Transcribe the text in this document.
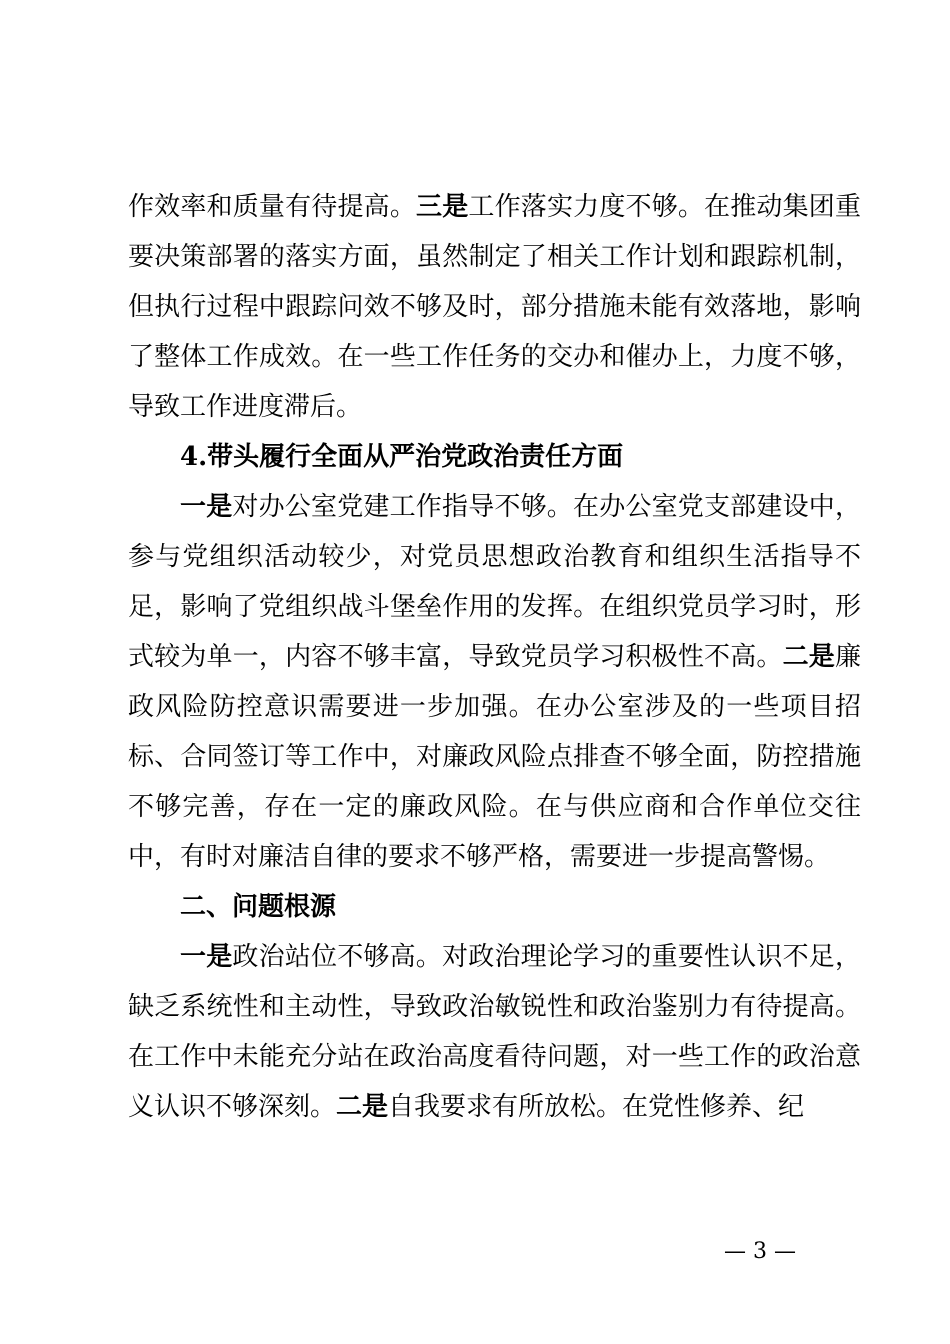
作效率和质量有待提高。三是工作落实力度不够。在推动集团重要决策部署的落实方面，虽然制定了相关工作计划和跟踪机制，但执行过程中跟踪问效不够及时，部分措施未能有效落地，影响了整体工作成效。在一些工作任务的交办和催办上，力度不够，导致工作进度滞后。

4.带头履行全面从严治党政治责任方面

一是对办公室党建工作指导不够。在办公室党支部建设中，参与党组织活动较少，对党员思想政治教育和组织生活指导不足，影响了党组织战斗堡垒作用的发挥。在组织党员学习时，形式较为单一，内容不够丰富，导致党员学习积极性不高。二是廉政风险防控意识需要进一步加强。在办公室涉及的一些项目招标、合同签订等工作中，对廉政风险点排查不够全面，防控措施不够完善，存在一定的廉政风险。在与供应商和合作单位交往中，有时对廉洁自律的要求不够严格，需要进一步提高警惕。

二、问题根源

一是政治站位不够高。对政治理论学习的重要性认识不足，缺乏系统性和主动性，导致政治敏锐性和政治鉴别力有待提高。在工作中未能充分站在政治高度看待问题，对一些工作的政治意义认识不够深刻。二是自我要求有所放松。在党性修养、纪

— 3 —
